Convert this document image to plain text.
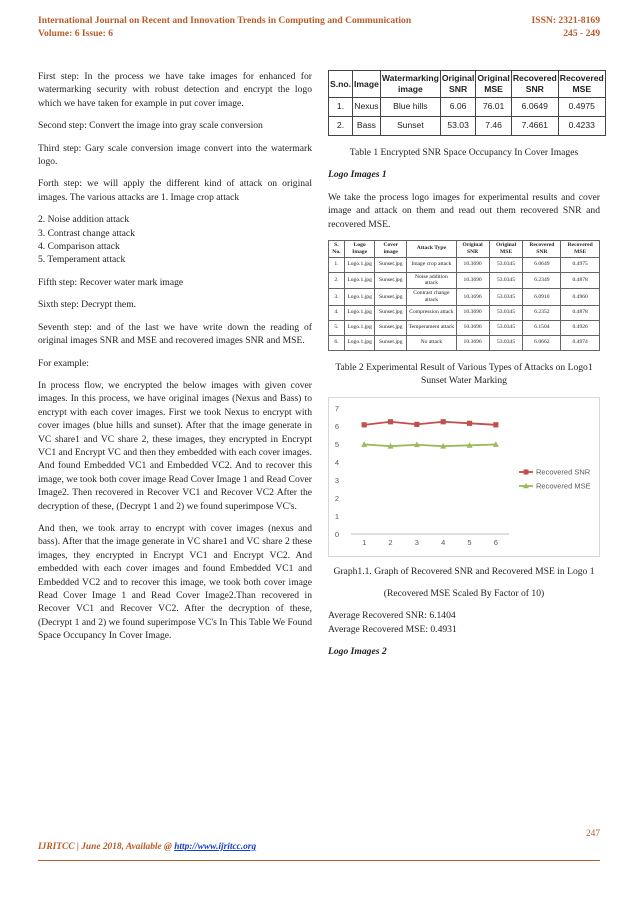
International Journal on Recent and Innovation Trends in Computing and Communication
Volume: 6 Issue: 6
ISSN: 2321-8169
245 - 249

First step: In the process we have take images for enhanced for watermarking security with robust detection and encrypt the logo which we have taken for example in put cover image.

Second step: Convert the image into gray scale conversion

Third step: Gary scale conversion image convert into the watermark logo.

Forth step: we will apply the different kind of attack on original images. The various attacks are 1. Image crop attack

2. Noise addition attack
3. Contrast change attack
4. Comparison attack
5. Temperament attack

Fifth step: Recover water mark image

Sixth step: Decrypt them.

Seventh step: and of the last we have write down the reading of original images SNR and MSE and recovered images SNR and MSE.

For example:

In process flow, we encrypted the below images with given cover images. In this process, we have original images (Nexus and Bass) to encrypt with each cover images. First we took Nexus to encrypt with cover images (blue hills and sunset). After that the image generate in VC share1 and VC share 2, these images, they encrypted in Encrypt VC1 and Encrypt VC and then they embedded with each cover images. And found Embedded VC1 and Embedded VC2. And to recover this image, we took both cover image Read Cover Image 1 and Read Cover Image2. Then recovered in Recover VC1 and Recover VC2 After the decryption of these, (Decrypt 1 and 2) we found superimpose VC's.

And then, we took array to encrypt with cover images (nexus and bass). After that the image generate in VC share1 and VC share 2 these images, they encrypted in Encrypt VC1 and Encrypt VC2. And embedded with each cover images and found Embedded VC1 and Embedded VC2 and to recover this image, we took both cover image Read Cover Image 1 and Read Cover Image2.Than recovered in Recover VC1 and Recover VC2. After the decryption of these, (Decrypt 1 and 2) we found superimpose VC's In This Table We Found Space Occupancy In Cover Image.

S.no.	Image	Watermarking image	Original SNR	Original MSE	Recovered SNR	Recovered MSE
1.	Nexus	Blue hills	6.06	76.01	6.0649	0.4975
2.	Bass	Sunset	53.03	7.46	7.4661	0.4233

Table 1 Encrypted SNR Space Occupancy In Cover Images

Logo Images 1

We take the process logo images for experimental results and cover image and attack on them and read out them recovered SNR and recovered MSE.

S. No.	Logo Image	Cover image	Attack Type	Original SNR	Original MSE	Recovered SNR	Recovered MSE
1.	Logo.1.jpg	Sunset.jpg	Image crop attack	10.3696	53.0345	6.0649	0.4975
2.	Logo.1.jpg	Sunset.jpg	Noise addition attack	10.3696	53.0345	6.2349	0.4878
3.	Logo.1.jpg	Sunset.jpg	Contrast change attack	10.3696	53.0345	6.0910	0.4960
4.	Logo.1.jpg	Sunset.jpg	Compression attack	10.3696	53.0345	6.2352	0.4878
5.	Logo.1.jpg	Sunset.jpg	Temperament attack	10.3696	53.0345	6.1504	0.4926
6.	Logo.1.jpg	Sunset.jpg	No attack	10.3696	53.0345	6.0662	0.4974

Table 2 Experimental Result of Various Types of Attacks on Logo1 Sunset Water Marking

0
1
2
3
4
5
6
7
1	2	3	4	5	6
Recovered SNR
Recovered MSE

Graph1.1. Graph of Recovered SNR and Recovered MSE in Logo 1

(Recovered MSE Scaled By Factor of 10)

Average Recovered SNR: 6.1404

Average Recovered MSE: 0.4931

Logo Images 2

247
IJRITCC | June 2018, Available @ http://www.ijritcc.org
